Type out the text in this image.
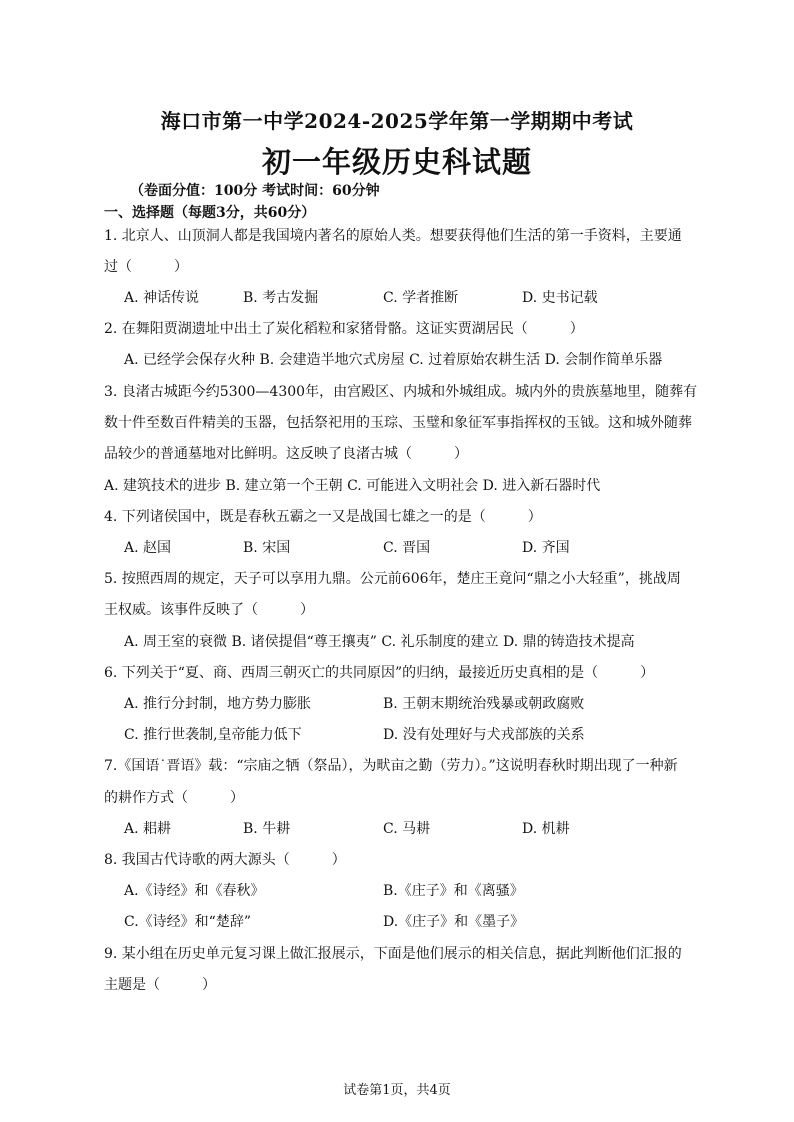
海口市第一中学2024-2025学年第一学期期中考试
初一年级历史科试题
（卷面分值：100分 考试时间：60分钟
一、选择题（每题3分，共60分）
1. 北京人、山顶洞人都是我国境内著名的原始人类。想要获得他们生活的第一手资料，主要通
过（　　　）
A. 神话传说	B. 考古发掘	C. 学者推断	D. 史书记载
2. 在舞阳贾湖遗址中出土了炭化稻粒和家猪骨骼。这证实贾湖居民（　　　）
A. 已经学会保存火种 B. 会建造半地穴式房屋 C. 过着原始农耕生活 D. 会制作简单乐器
3. 良渚古城距今约5300—4300年，由宫殿区、内城和外城组成。城内外的贵族墓地里，随葬有
数十件至数百件精美的玉器，包括祭祀用的玉琮、玉璧和象征军事指挥权的玉钺。这和城外随葬
品较少的普通墓地对比鲜明。这反映了良渚古城（　　　）
A. 建筑技术的进步 B. 建立第一个王朝 C. 可能进入文明社会 D. 进入新石器时代
4. 下列诸侯国中，既是春秋五霸之一又是战国七雄之一的是（　　　）
A. 赵国	B. 宋国	C. 晋国	D. 齐国
5. 按照西周的规定，天子可以享用九鼎。公元前606年，楚庄王竟问“鼎之小大轻重”，挑战周
王权威。该事件反映了（　　　）
A. 周王室的衰微 B. 诸侯提倡“尊王攘夷” C. 礼乐制度的建立 D. 鼎的铸造技术提高
6. 下列关于“夏、商、西周三朝灭亡的共同原因”的归纳，最接近历史真相的是（　　　）
A. 推行分封制，地方势力膨胀	B. 王朝末期统治残暴或朝政腐败
C. 推行世袭制,皇帝能力低下	D. 没有处理好与犬戎部族的关系
7.《国语˙晋语》载：“宗庙之牺（祭品），为畎亩之勤（劳力）。”这说明春秋时期出现了一种新
的耕作方式（　　　）
A. 耜耕	B. 牛耕	C. 马耕	D. 机耕
8. 我国古代诗歌的两大源头（　　　）
A.《诗经》和《春秋》	B.《庄子》和《离骚》
C.《诗经》和“楚辞”	D.《庄子》和《墨子》
9. 某小组在历史单元复习课上做汇报展示，下面是他们展示的相关信息，据此判断他们汇报的
主题是（　　　）
试卷第1页，共4页
